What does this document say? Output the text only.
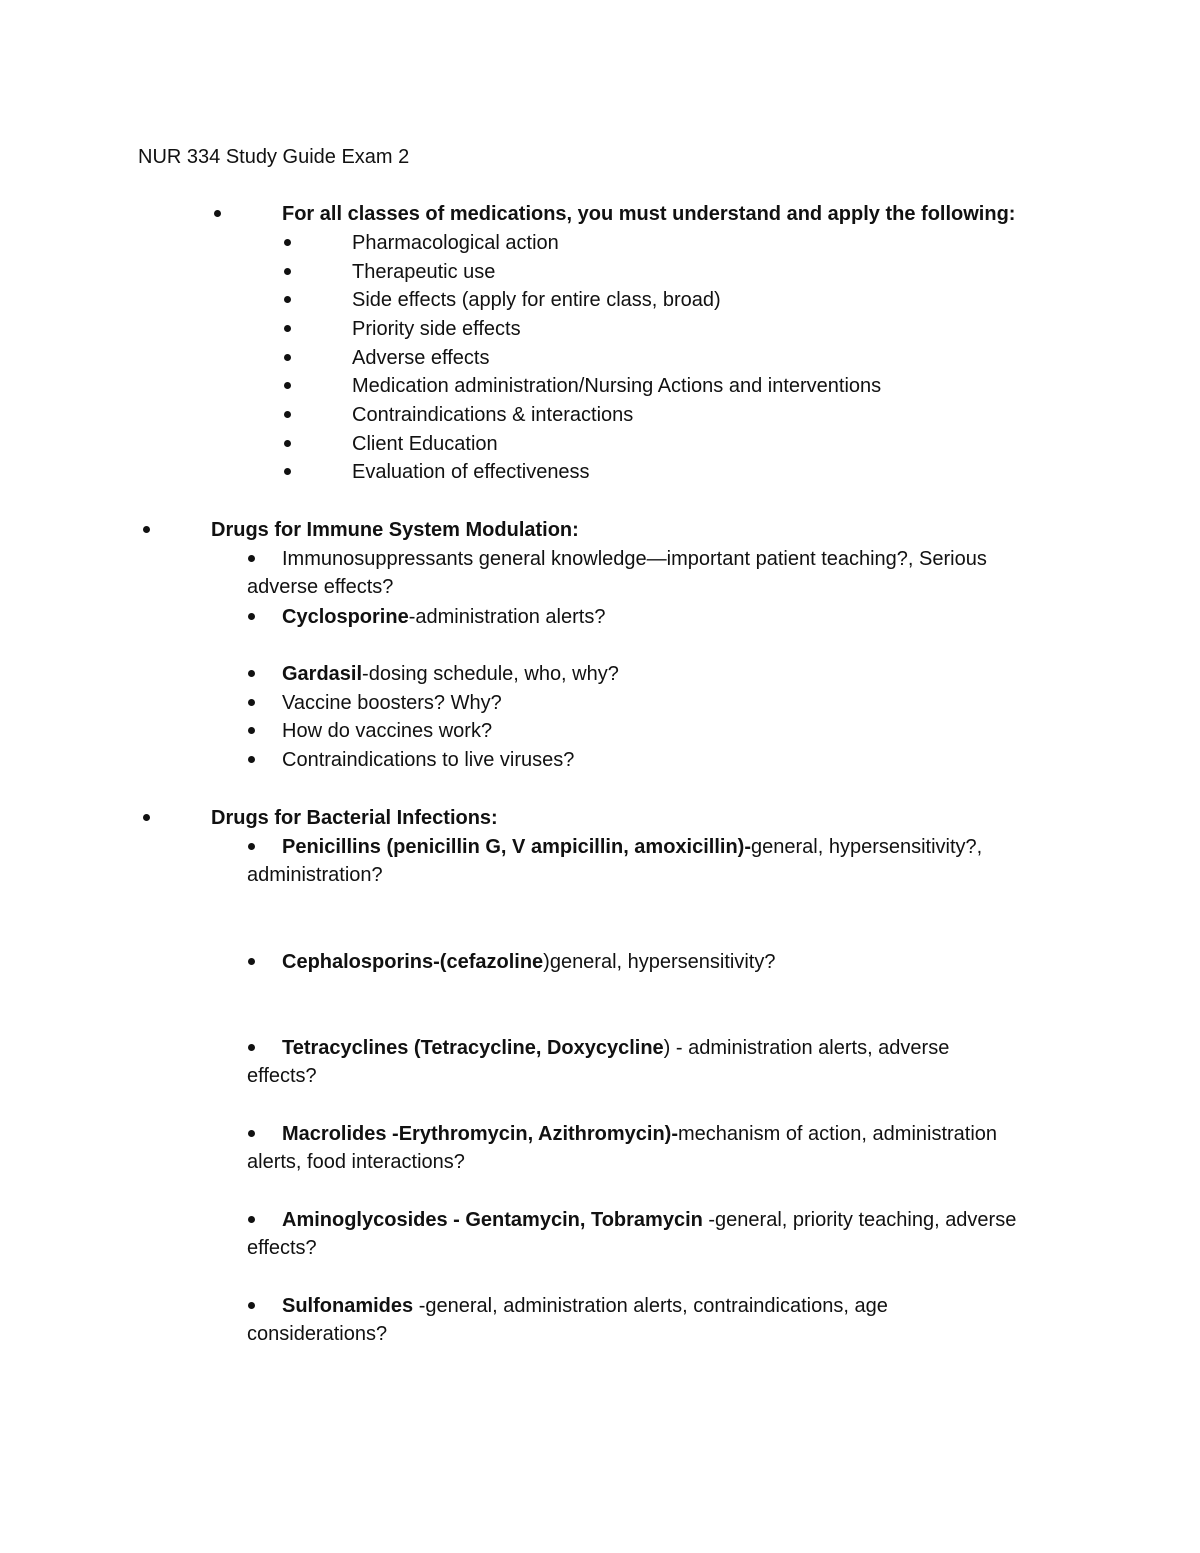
NUR 334 Study Guide Exam 2
For all classes of medications, you must understand and apply the following:
Pharmacological action
Therapeutic use
Side effects (apply for entire class, broad)
Priority side effects
Adverse effects
Medication administration/Nursing Actions and interventions
Contraindications & interactions
Client Education
Evaluation of effectiveness
Drugs for Immune System Modulation:
Immunosuppressants general knowledge—important patient teaching?, Serious
adverse effects?
Cyclosporine-administration alerts?
Gardasil-dosing schedule, who, why?
Vaccine boosters? Why?
How do vaccines work?
Contraindications to live viruses?
Drugs for Bacterial Infections:
Penicillins (penicillin G, V ampicillin, amoxicillin)-general, hypersensitivity?,
administration?
Cephalosporins-(cefazoline)general, hypersensitivity?
Tetracyclines (Tetracycline, Doxycycline) - administration alerts, adverse
effects?
Macrolides -Erythromycin, Azithromycin)-mechanism of action, administration
alerts, food interactions?
Aminoglycosides - Gentamycin, Tobramycin -general, priority teaching, adverse
effects?
Sulfonamides -general, administration alerts, contraindications, age
considerations?
